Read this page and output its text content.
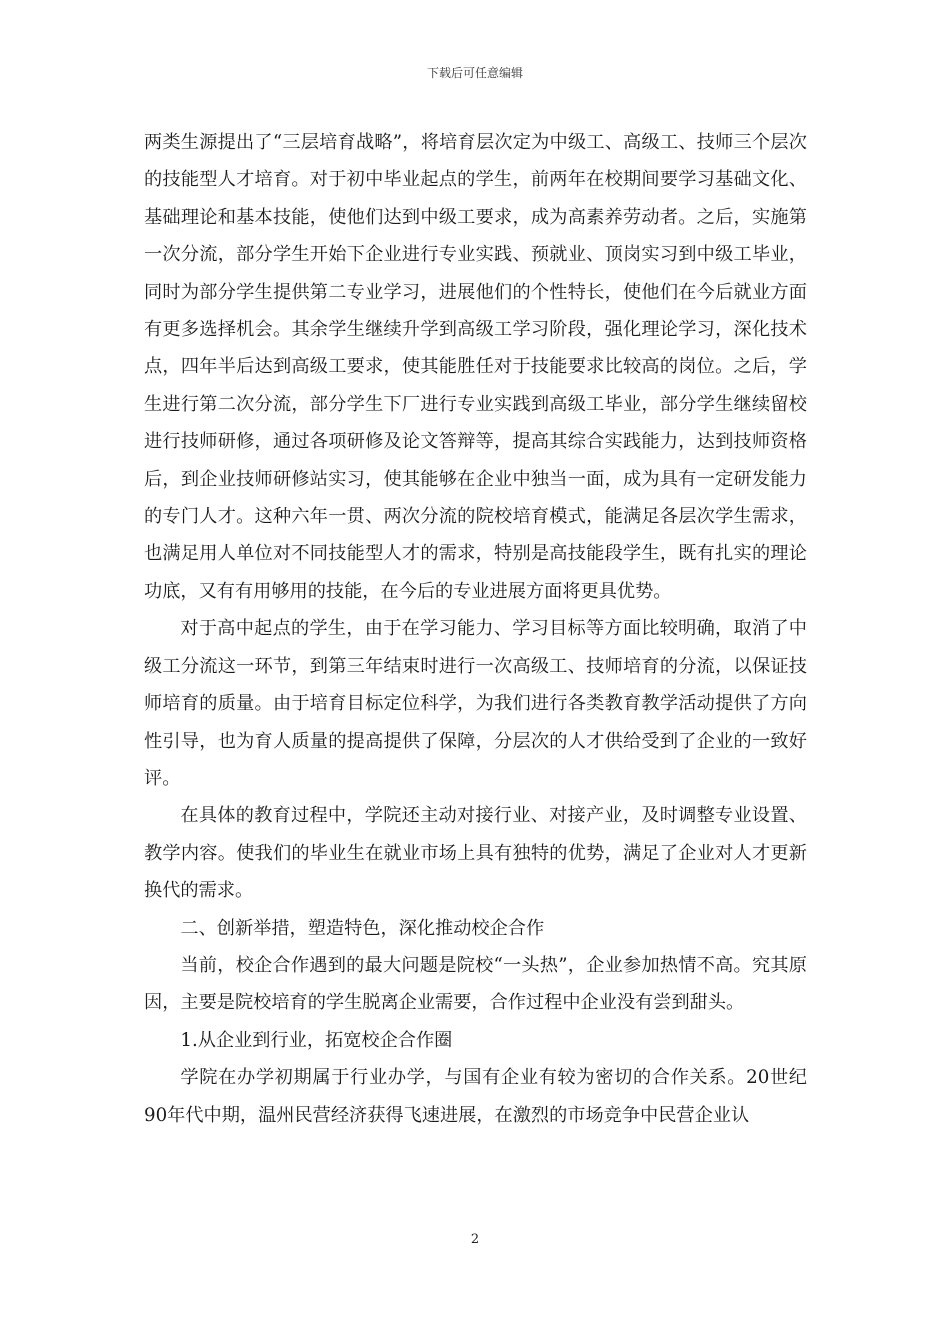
下载后可任意编辑

两类生源提出了“三层培育战略”，将培育层次定为中级工、高级工、技师三个层次的技能型人才培育。对于初中毕业起点的学生，前两年在校期间要学习基础文化、基础理论和基本技能，使他们达到中级工要求，成为高素养劳动者。之后，实施第一次分流，部分学生开始下企业进行专业实践、预就业、顶岗实习到中级工毕业，同时为部分学生提供第二专业学习，进展他们的个性特长，使他们在今后就业方面有更多选择机会。其余学生继续升学到高级工学习阶段，强化理论学习，深化技术点，四年半后达到高级工要求，使其能胜任对于技能要求比较高的岗位。之后，学生进行第二次分流，部分学生下厂进行专业实践到高级工毕业，部分学生继续留校进行技师研修，通过各项研修及论文答辩等，提高其综合实践能力，达到技师资格后，到企业技师研修站实习，使其能够在企业中独当一面，成为具有一定研发能力的专门人才。这种六年一贯、两次分流的院校培育模式，能满足各层次学生需求，也满足用人单位对不同技能型人才的需求，特别是高技能段学生，既有扎实的理论功底，又有有用够用的技能，在今后的专业进展方面将更具优势。

对于高中起点的学生，由于在学习能力、学习目标等方面比较明确，取消了中级工分流这一环节，到第三年结束时进行一次高级工、技师培育的分流，以保证技师培育的质量。由于培育目标定位科学，为我们进行各类教育教学活动提供了方向性引导，也为育人质量的提高提供了保障，分层次的人才供给受到了企业的一致好评。

在具体的教育过程中，学院还主动对接行业、对接产业，及时调整专业设置、教学内容。使我们的毕业生在就业市场上具有独特的优势，满足了企业对人才更新换代的需求。

二、创新举措，塑造特色，深化推动校企合作

当前，校企合作遇到的最大问题是院校“一头热”，企业参加热情不高。究其原因，主要是院校培育的学生脱离企业需要，合作过程中企业没有尝到甜头。

1.从企业到行业，拓宽校企合作圈

学院在办学初期属于行业办学，与国有企业有较为密切的合作关系。20世纪90年代中期，温州民营经济获得飞速进展，在激烈的市场竞争中民营企业认

2
